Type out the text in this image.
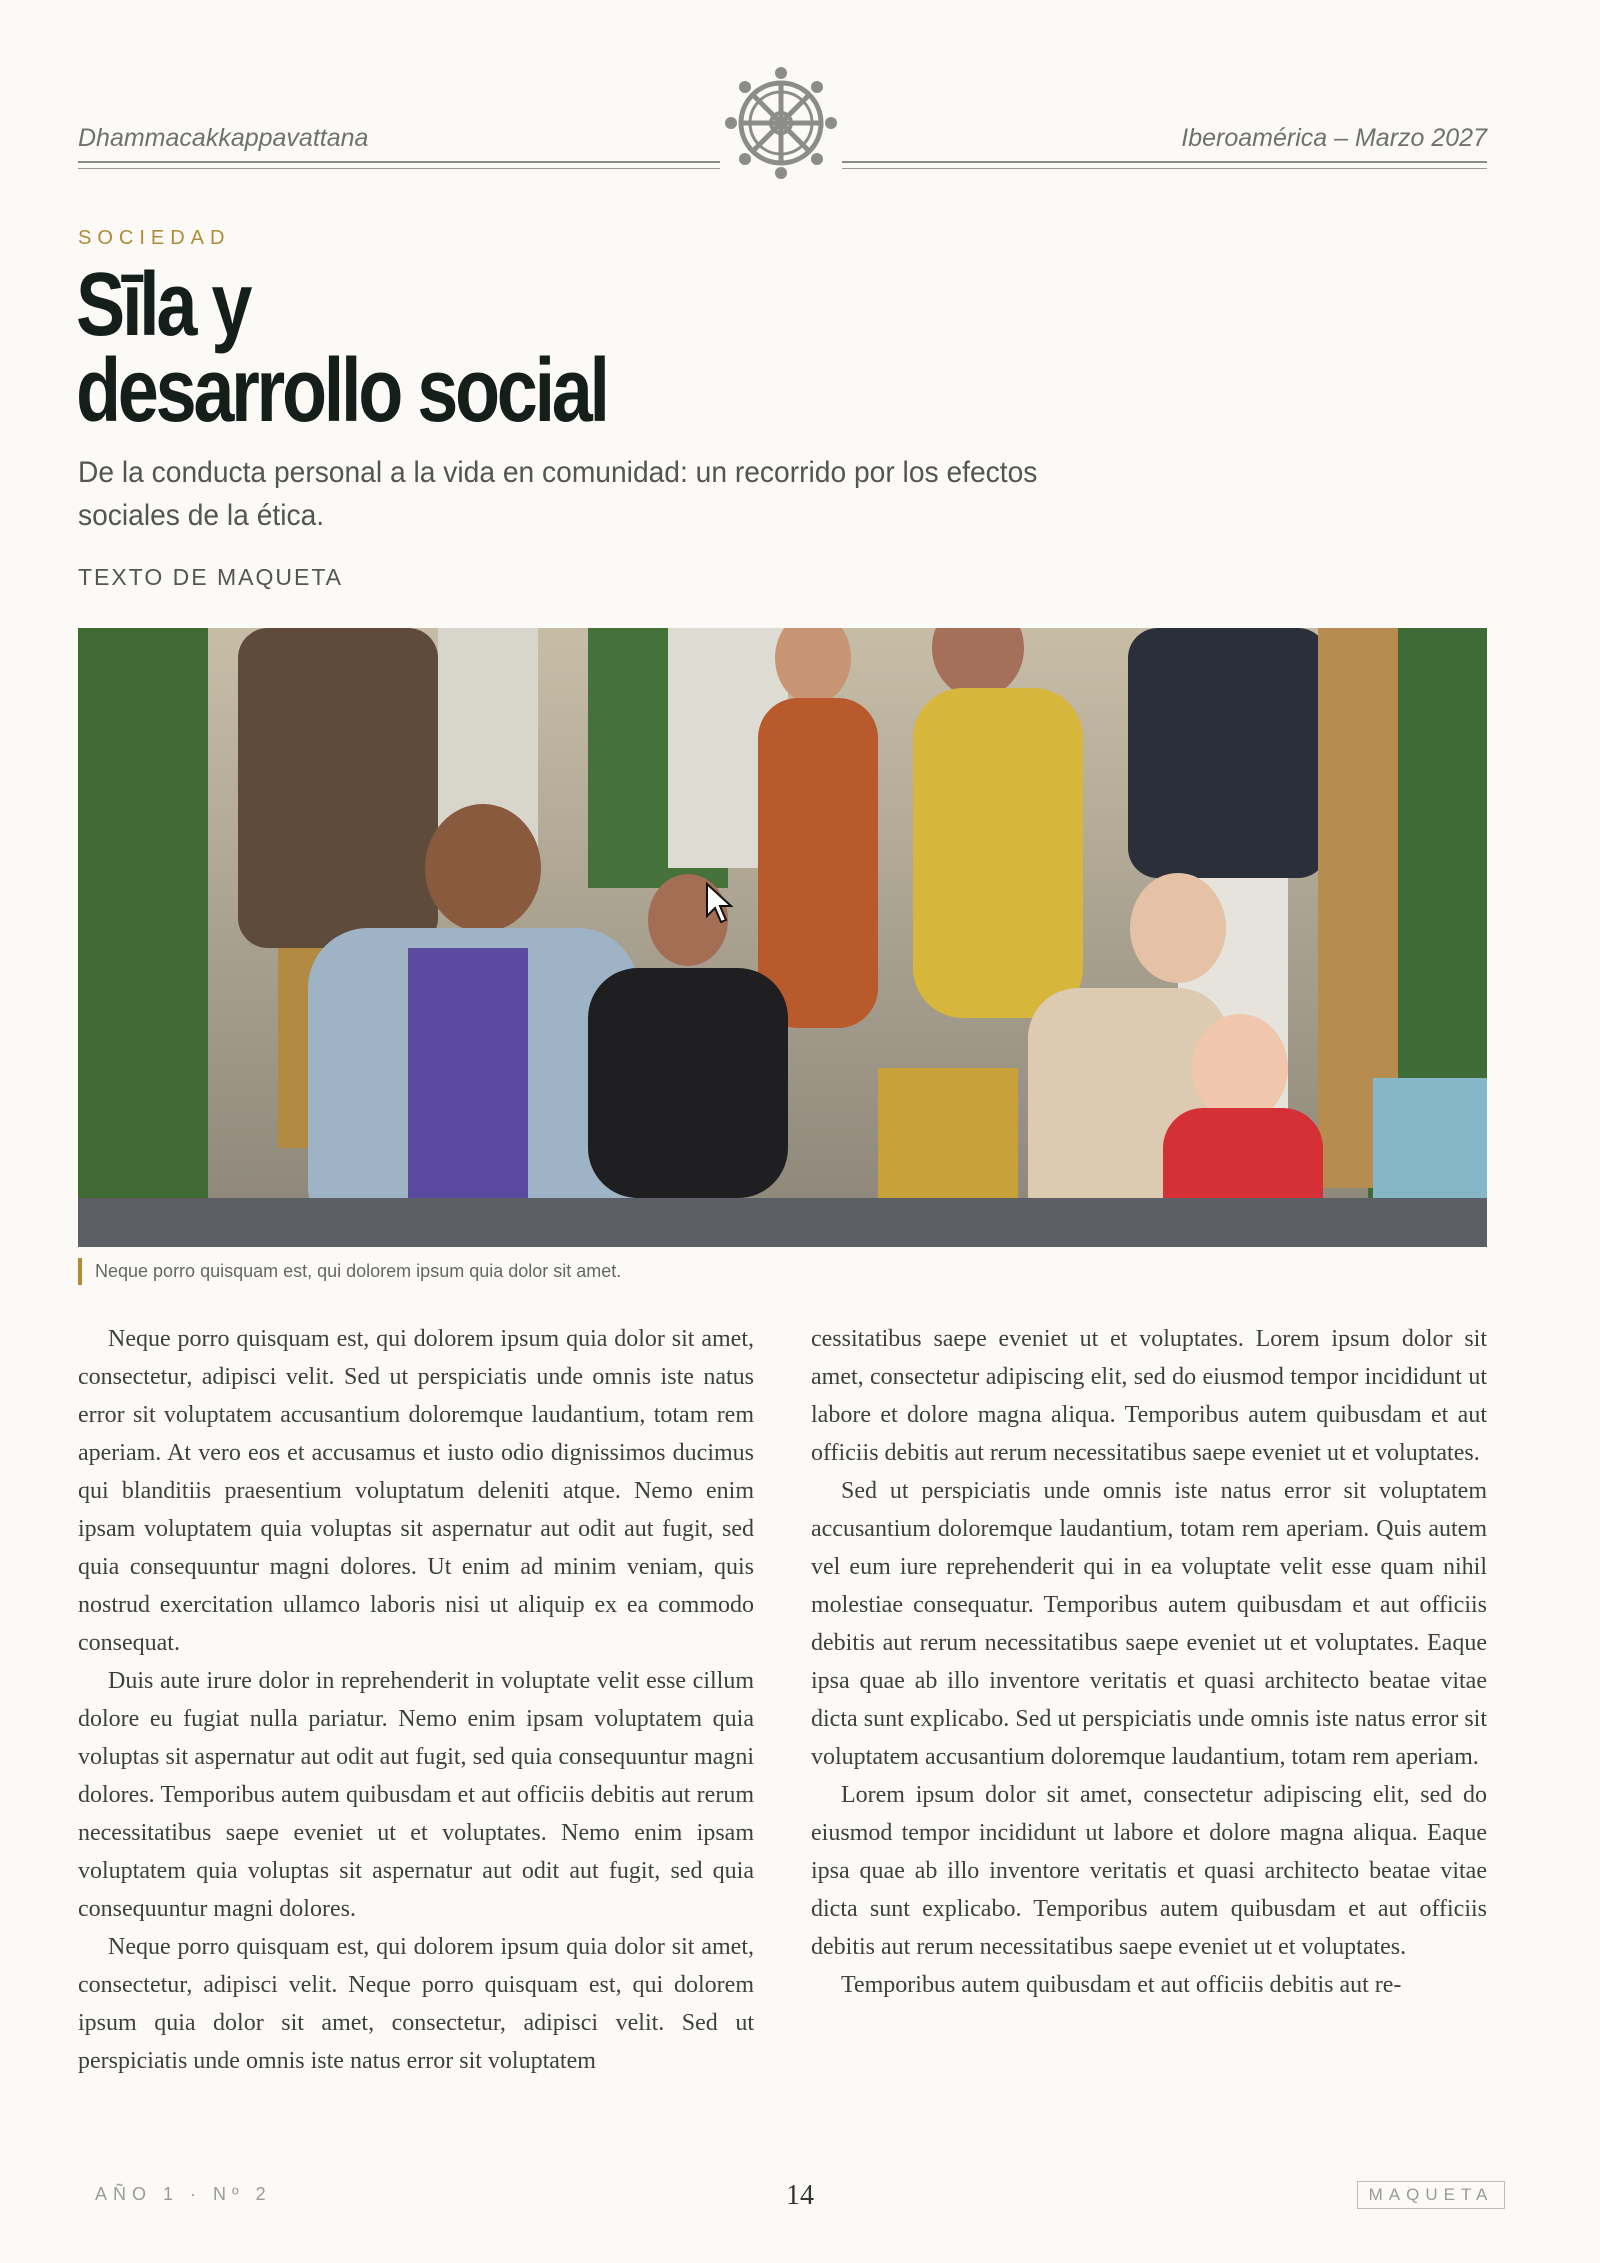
Dhammacakkappavattana	Iberoamérica – Marzo 2027
SOCIEDAD
Sīla y
desarrollo social
De la conducta personal a la vida en comunidad: un recorrido por los efectos sociales de la ética.
TEXTO DE MAQUETA
Neque porro quisquam est, qui dolorem ipsum quia dolor sit amet.

Neque porro quisquam est, qui dolorem ipsum quia dolor sit amet, consectetur, adipisci velit. Sed ut perspiciatis unde omnis iste natus error sit voluptatem accusantium doloremque laudantium, totam rem aperiam. At vero eos et accusamus et iusto odio dignissimos ducimus qui blanditiis praesentium voluptatum deleniti atque. Nemo enim ipsam voluptatem quia voluptas sit aspernatur aut odit aut fugit, sed quia consequuntur magni dolores. Ut enim ad minim veniam, quis nostrud exercitation ullamco laboris nisi ut aliquip ex ea commodo consequat.

Duis aute irure dolor in reprehenderit in voluptate velit esse cillum dolore eu fugiat nulla pariatur. Nemo enim ipsam voluptatem quia voluptas sit aspernatur aut odit aut fugit, sed quia consequuntur magni dolores. Temporibus autem quibusdam et aut officiis debitis aut rerum necessitatibus saepe eveniet ut et voluptates. Nemo enim ipsam voluptatem quia voluptas sit aspernatur aut odit aut fugit, sed quia consequuntur magni dolores.

Neque porro quisquam est, qui dolorem ipsum quia dolor sit amet, consectetur, adipisci velit. Neque porro quisquam est, qui dolorem ipsum quia dolor sit amet, consectetur, adipisci velit. Sed ut perspiciatis unde omnis iste natus error sit voluptatem

cessitatibus saepe eveniet ut et voluptates. Lorem ipsum dolor sit amet, consectetur adipiscing elit, sed do eiusmod tempor incididunt ut labore et dolore magna aliqua. Temporibus autem quibusdam et aut officiis debitis aut rerum necessitatibus saepe eveniet ut et voluptates.

Sed ut perspiciatis unde omnis iste natus error sit voluptatem accusantium doloremque laudantium, totam rem aperiam. Quis autem vel eum iure reprehenderit qui in ea voluptate velit esse quam nihil molestiae consequatur. Temporibus autem quibusdam et aut officiis debitis aut rerum necessitatibus saepe eveniet ut et voluptates. Eaque ipsa quae ab illo inventore veritatis et quasi architecto beatae vitae dicta sunt explicabo. Sed ut perspiciatis unde omnis iste natus error sit voluptatem accusantium doloremque laudantium, totam rem aperiam.

Lorem ipsum dolor sit amet, consectetur adipiscing elit, sed do eiusmod tempor incididunt ut labore et dolore magna aliqua. Eaque ipsa quae ab illo inventore veritatis et quasi architecto beatae vitae dicta sunt explicabo. Temporibus autem quibusdam et aut officiis debitis aut rerum necessitatibus saepe eveniet ut et voluptates.

Temporibus autem quibusdam et aut officiis debitis aut re-

AÑO 1 · Nº 2	14	MAQUETA
